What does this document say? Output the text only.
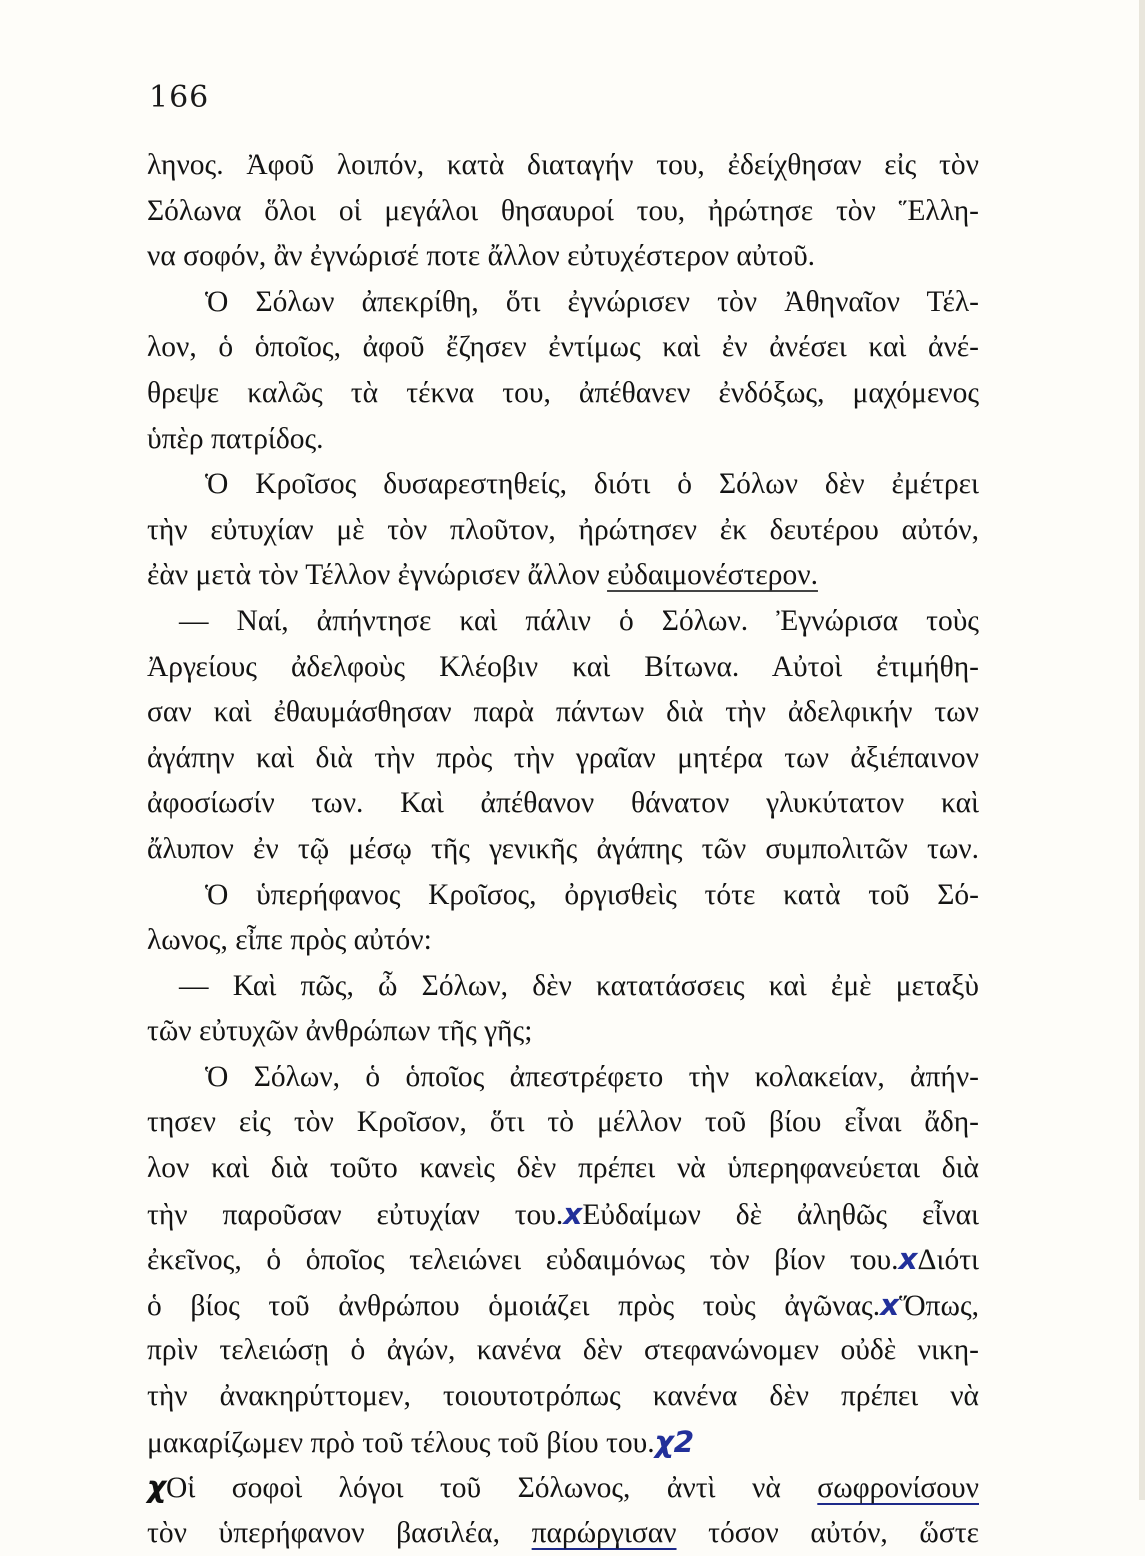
166
ληνος. Ἀφοῦ λοιπόν, κατὰ διαταγήν του, ἐδείχθησαν εἰς τὸν
Σόλωνα ὅλοι οἱ μεγάλοι θησαυροί του, ἠρώτησε τὸν Ἕλλη-
να σοφόν, ἂν ἐγνώρισέ ποτε ἄλλον εὐτυχέστερον αὐτοῦ.
Ὁ Σόλων ἀπεκρίθη, ὅτι ἐγνώρισεν τὸν Ἀθηναῖον Τέλ-
λον, ὁ ὁποῖος, ἀφοῦ ἔζησεν ἐντίμως καὶ ἐν ἀνέσει καὶ ἀνέ-
θρεψε καλῶς τὰ τέκνα του, ἀπέθανεν ἐνδόξως, μαχόμενος
ὑπὲρ πατρίδος.
Ὁ Κροῖσος δυσαρεστηθείς, διότι ὁ Σόλων δὲν ἐμέτρει
τὴν εὐτυχίαν μὲ τὸν πλοῦτον, ἠρώτησεν ἐκ δευτέρου αὐτόν,
ἐὰν μετὰ τὸν Τέλλον ἐγνώρισεν ἄλλον εὐδαιμονέστερον.
— Ναί, ἀπήντησε καὶ πάλιν ὁ Σόλων. Ἐγνώρισα τοὺς
Ἀργείους ἀδελφοὺς Κλέοβιν καὶ Βίτωνα. Αὐτοὶ ἐτιμήθη-
σαν καὶ ἐθαυμάσθησαν παρὰ πάντων διὰ τὴν ἀδελφικήν των
ἀγάπην καὶ διὰ τὴν πρὸς τὴν γραῖαν μητέρα των ἀξιέπαινον
ἀφοσίωσίν των. Καὶ ἀπέθανον θάνατον γλυκύτατον καὶ
ἄλυπον ἐν τῷ μέσῳ τῆς γενικῆς ἀγάπης τῶν συμπολιτῶν των.
Ὁ ὑπερήφανος Κροῖσος, ὀργισθεὶς τότε κατὰ τοῦ Σό-
λωνος, εἶπε πρὸς αὐτόν:
— Καὶ πῶς, ὦ Σόλων, δὲν κατατάσσεις καὶ ἐμὲ μεταξὺ
τῶν εὐτυχῶν ἀνθρώπων τῆς γῆς;
Ὁ Σόλων, ὁ ὁποῖος ἀπεστρέφετο τὴν κολακείαν, ἀπήν-
τησεν εἰς τὸν Κροῖσον, ὅτι τὸ μέλλον τοῦ βίου εἶναι ἄδη-
λον καὶ διὰ τοῦτο κανεὶς δὲν πρέπει νὰ ὑπερηφανεύεται διὰ
τὴν παροῦσαν εὐτυχίαν του.xΕὐδαίμων δὲ ἀληθῶς εἶναι
ἐκεῖνος, ὁ ὁποῖος τελειώνει εὐδαιμόνως τὸν βίον του.xΔιότι
ὁ βίος τοῦ ἀνθρώπου ὁμοιάζει πρὸς τοὺς ἀγῶνας.xὍπως,
πρὶν τελειώσῃ ὁ ἀγών, κανένα δὲν στεφανώνομεν οὐδὲ νικη-
τὴν ἀνακηρύττομεν, τοιουτοτρόπως κανένα δὲν πρέπει νὰ
μακαρίζωμεν πρὸ τοῦ τέλους τοῦ βίου του.χ2
χΟἱ σοφοὶ λόγοι τοῦ Σόλωνος, ἀντὶ νὰ σωφρονίσουν
τὸν ὑπερήφανον βασιλέα, παρώργισαν τόσον αὐτόν, ὥστε
